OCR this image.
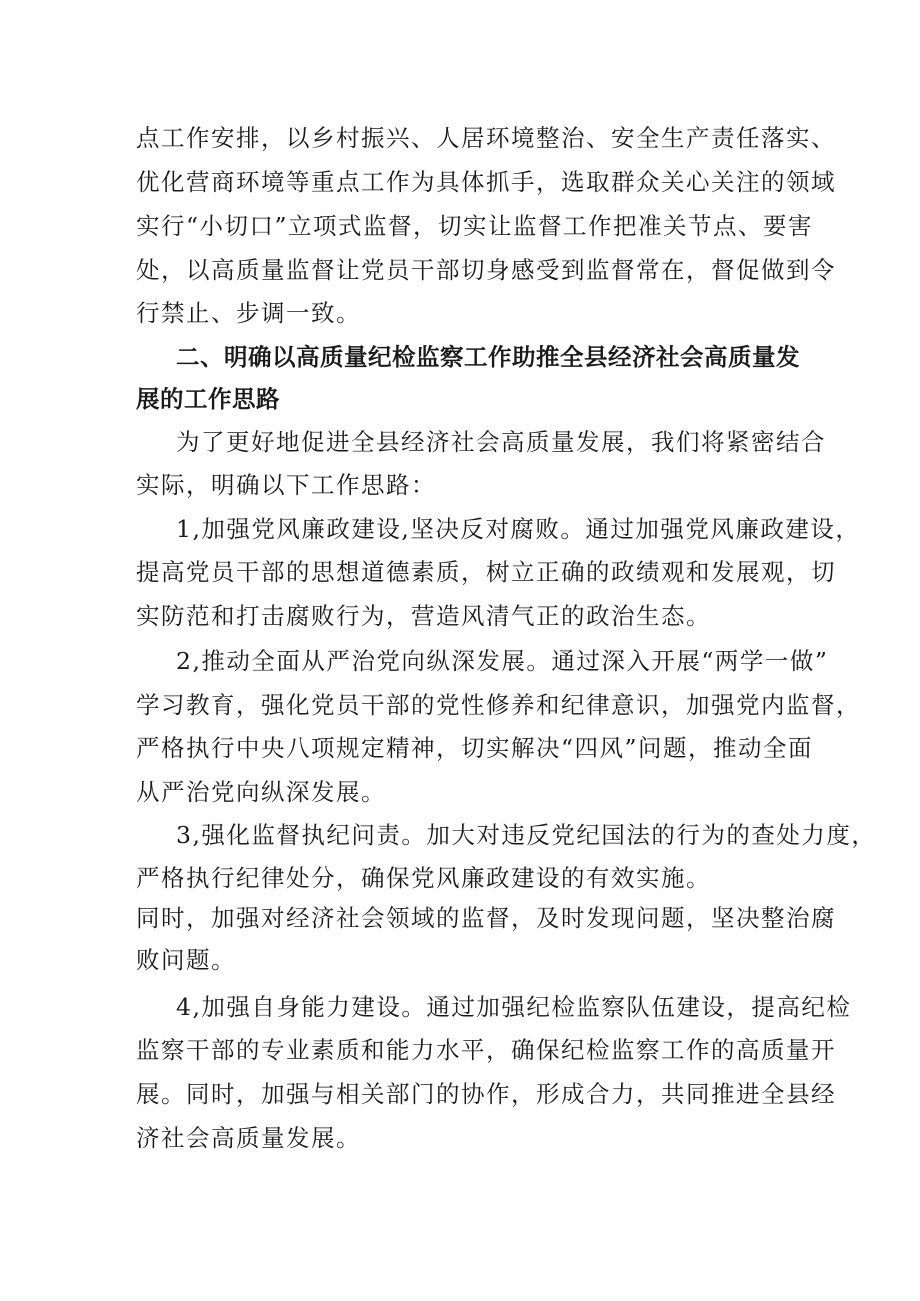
点工作安排，以乡村振兴、人居环境整治、安全生产责任落实、
优化营商环境等重点工作为具体抓手，选取群众关心关注的领域
实行“小切口”立项式监督，切实让监督工作把准关节点、要害
处，以高质量监督让党员干部切身感受到监督常在，督促做到令
行禁止、步调一致。
二、明确以高质量纪检监察工作助推全县经济社会高质量发
展的工作思路
为了更好地促进全县经济社会高质量发展，我们将紧密结合
实际，明确以下工作思路：
1,加强党风廉政建设,坚决反对腐败。通过加强党风廉政建设，
提高党员干部的思想道德素质，树立正确的政绩观和发展观，切
实防范和打击腐败行为，营造风清气正的政治生态。
2,推动全面从严治党向纵深发展。通过深入开展“两学一做”
学习教育，强化党员干部的党性修养和纪律意识，加强党内监督，
严格执行中央八项规定精神，切实解决“四风”问题，推动全面
从严治党向纵深发展。
3,强化监督执纪问责。加大对违反党纪国法的行为的查处力度，
严格执行纪律处分，确保党风廉政建设的有效实施。
同时，加强对经济社会领域的监督，及时发现问题，坚决整治腐
败问题。
4,加强自身能力建设。通过加强纪检监察队伍建设，提高纪检
监察干部的专业素质和能力水平，确保纪检监察工作的高质量开
展。同时，加强与相关部门的协作，形成合力，共同推进全县经
济社会高质量发展。
